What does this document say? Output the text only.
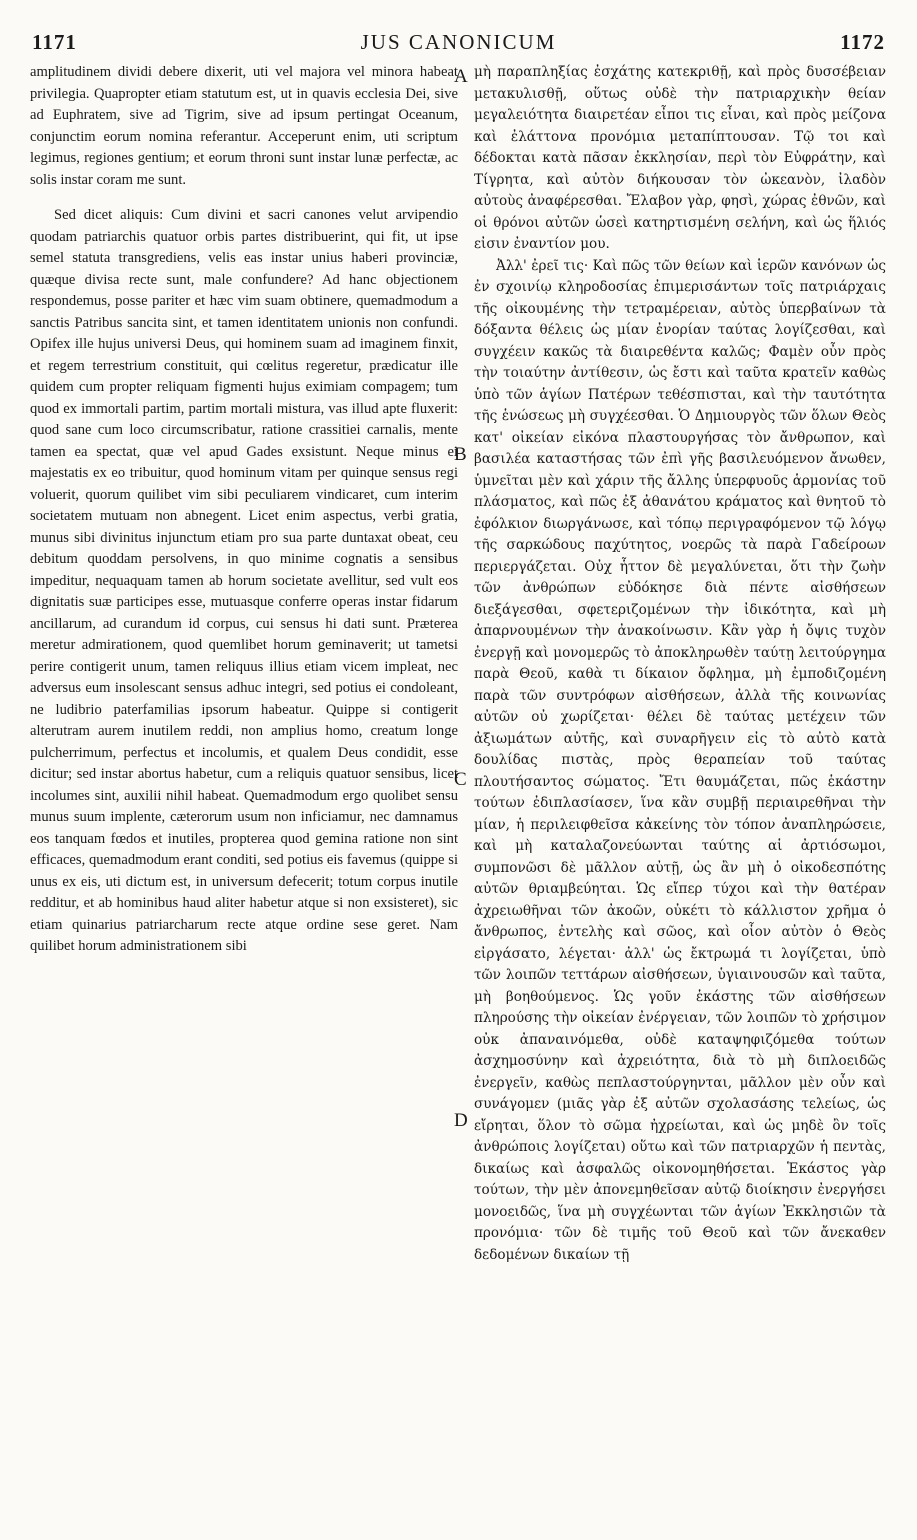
1171	JUS CANONICUM	1172

amplitudinem dividi debere dixerit, uti vel majora vel minora habeat privilegia. Quapropter etiam statutum est, ut in quavis ecclesia Dei, sive ad Euphratem, sive ad Tigrim, sive ad ipsum pertingat Oceanum, conjunctim eorum nomina referantur. Acceperunt enim, uti scriptum legimus, regiones gentium; et eorum throni sunt instar lunæ perfectæ, ac solis instar coram me sunt.

Sed dicet aliquis: Cum divini et sacri canones velut arvipendio quodam patriarchis quatuor orbis partes distribuerint, qui fit, ut ipse semel statuta transgrediens, velis eas instar unius haberi provinciæ, quæque divisa recte sunt, male confundere? Ad hanc objectionem respondemus, posse pariter et hæc vim suam obtinere, quemadmodum a sanctis Patribus sancita sint, et tamen identitatem unionis non confundi. Opifex ille hujus universi Deus, qui hominem suam ad imaginem finxit, et regem terrestrium constituit, qui cœlitus regeretur, prædicatur ille quidem cum propter reliquam figmenti hujus eximiam compagem; tum quod ex immortali partim, partim mortali mistura, vas illud apte fluxerit: quod sane cum loco circumscribatur, ratione crassitiei carnalis, mente tamen ea spectat, quæ vel apud Gades exsistunt. Neque minus ei majestatis ex eo tribuitur, quod hominum vitam per quinque sensus regi voluerit, quorum quilibet vim sibi peculiarem vindicaret, cum interim societatem mutuam non abnegent. Licet enim aspectus, verbi gratia, munus sibi divinitus injunctum etiam pro sua parte duntaxat obeat, ceu debitum quoddam persolvens, in quo minime cognatis a sensibus impeditur, nequaquam tamen ab horum societate avellitur, sed vult eos dignitatis suæ participes esse, mutuasque conferre operas instar fidarum ancillarum, ad curandum id corpus, cui sensus hi dati sunt. Præterea meretur admirationem, quod quemlibet horum geminaverit; ut tametsi perire contigerit unum, tamen reliquus illius etiam vicem impleat, nec adversus eum insolescant sensus adhuc integri, sed potius ei condoleant, ne ludibrio paterfamilias ipsorum habeatur. Quippe si contigerit alterutram aurem inutilem reddi, non amplius homo, creatum longe pulcherrimum, perfectus et incolumis, et qualem Deus condidit, esse dicitur; sed instar abortus habetur, cum a reliquis quatuor sensibus, licet incolumes sint, auxilii nihil habeat. Quemadmodum ergo quolibet sensu munus suum implente, cæterorum usum non inficiamur, nec damnamus eos tanquam fœdos et inutiles, propterea quod gemina ratione non sint efficaces, quemadmodum erant conditi, sed potius eis favemus (quippe si unus ex eis, uti dictum est, in universum defecerit; totum corpus inutile redditur, et ab hominibus haud aliter habetur atque si non exsisteret), sic etiam quinarius patriarcharum recte atque ordine sese geret. Nam quilibet horum administrationem sibi

A
B
C
D

μὴ παραπληξίας ἐσχάτης κατεκριθῇ, καὶ πρὸς δυσσέβειαν μετακυλισθῇ, οὕτως οὐδὲ τὴν πατριαρχικὴν θείαν μεγαλειότητα διαιρετέαν εἶποι τις εἶναι, καὶ πρὸς μείζονα καὶ ἐλάττονα προνόμια μεταπίπτουσαν. Τῷ τοι καὶ δέδοκται κατὰ πᾶσαν ἐκκλησίαν, περὶ τὸν Εὐφράτην, καὶ Τίγρητα, καὶ αὐτὸν διήκουσαν τὸν ὠκεανὸν, ἰλαδὸν αὐτοὺς ἀναφέρεσθαι. Ἔλαβον γὰρ, φησὶ, χώρας ἐθνῶν, καὶ οἱ θρόνοι αὐτῶν ὡσεὶ κατηρτισμένη σελήνη, καὶ ὡς ἥλιός εἰσιν ἐναντίον μου.

Ἀλλ' ἐρεῖ τις· Καὶ πῶς τῶν θείων καὶ ἱερῶν κανόνων ὡς ἐν σχοινίῳ κληροδοσίας ἐπιμερισάντων τοῖς πατριάρχαις τῆς οἰκουμένης τὴν τετραμέρειαν, αὐτὸς ὑπερβαίνων τὰ δόξαντα θέλεις ὡς μίαν ἐνορίαν ταύτας λογίζεσθαι, καὶ συγχέειν κακῶς τὰ διαιρεθέντα καλῶς; Φαμὲν οὖν πρὸς τὴν τοιαύτην ἀντίθεσιν, ὡς ἔστι καὶ ταῦτα κρατεῖν καθὼς ὑπὸ τῶν ἁγίων Πατέρων τεθέσπισται, καὶ τὴν ταυτότητα τῆς ἑνώσεως μὴ συγχέεσθαι. Ὁ Δημιουργὸς τῶν ὅλων Θεὸς κατ' οἰκείαν εἰκόνα πλαστουργήσας τὸν ἄνθρωπον, καὶ βασιλέα καταστήσας τῶν ἐπὶ γῆς βασιλευόμενον ἄνωθεν, ὑμνεῖται μὲν καὶ χάριν τῆς ἄλλης ὑπερφυοῦς ἁρμονίας τοῦ πλάσματος, καὶ πῶς ἐξ ἀθανάτου κράματος καὶ θνητοῦ τὸ ἐφόλκιον διωργάνωσε, καὶ τόπῳ περιγραφόμενον τῷ λόγῳ τῆς σαρκώδους παχύτητος, νοερῶς τὰ παρὰ Γαδείροων περιεργάζεται. Οὐχ ἧττον δὲ μεγαλύνεται, ὅτι τὴν ζωὴν τῶν ἀνθρώπων εὐδόκησε διὰ πέντε αἰσθήσεων διεξάγεσθαι, σφετεριζομένων τὴν ἰδικότητα, καὶ μὴ ἀπαρνουμένων τὴν ἀνακοίνωσιν. Κἂν γὰρ ἡ ὄψις τυχὸν ἐνεργῇ καὶ μονομερῶς τὸ ἀποκληρωθὲν ταύτῃ λειτούργημα παρὰ Θεοῦ, καθὰ τι δίκαιον ὄφλημα, μὴ ἐμποδιζομένη παρὰ τῶν συντρόφων αἰσθήσεων, ἀλλὰ τῆς κοινωνίας αὐτῶν οὐ χωρίζεται· θέλει δὲ ταύτας μετέχειν τῶν ἀξιωμάτων αὐτῆς, καὶ συναρῆγειν εἰς τὸ αὐτὸ κατὰ δουλίδας πιστὰς, πρὸς θεραπείαν τοῦ ταύτας πλουτήσαντος σώματος. Ἔτι θαυμάζεται, πῶς ἑκάστην τούτων ἐδιπλασίασεν, ἵνα κἂν συμβῇ περιαιρεθῆναι τὴν μίαν, ἡ περιλειφθεῖσα κἀκείνης τὸν τόπον ἀναπληρώσειε, καὶ μὴ καταλαζονεύωνται ταύτης αἱ ἀρτιόσωμοι, συμπονῶσι δὲ μᾶλλον αὐτῇ, ὡς ἂν μὴ ὁ οἰκοδεσπότης αὐτῶν θριαμβεύηται. Ὡς εἴπερ τύχοι καὶ τὴν θατέραν ἀχρειωθῆναι τῶν ἀκοῶν, οὐκέτι τὸ κάλλιστον χρῆμα ὁ ἄνθρωπος, ἐντελὴς καὶ σῶος, καὶ οἷον αὐτὸν ὁ Θεὸς εἰργάσατο, λέγεται· ἀλλ' ὡς ἔκτρωμά τι λογίζεται, ὑπὸ τῶν λοιπῶν τεττάρων αἰσθήσεων, ὑγιαινουσῶν καὶ ταῦτα, μὴ βοηθούμενος. Ὡς γοῦν ἑκάστης τῶν αἰσθήσεων πληρούσης τὴν οἰκείαν ἐνέργειαν, τῶν λοιπῶν τὸ χρήσιμον οὐκ ἀπαναινόμεθα, οὐδὲ καταψηφιζόμεθα τούτων ἀσχημοσύνην καὶ ἀχρειότητα, διὰ τὸ μὴ διπλοειδῶς ἐνεργεῖν, καθὼς πεπλαστούργηνται, μᾶλλον μὲν οὖν καὶ συνάγομεν (μιᾶς γὰρ ἐξ αὐτῶν σχολασάσης τελείως, ὡς εἴρηται, ὅλον τὸ σῶμα ἠχρείωται, καὶ ὡς μηδὲ ὂν τοῖς ἀνθρώποις λογίζεται) οὕτω καὶ τῶν πατριαρχῶν ἡ πεντὰς, δικαίως καὶ ἀσφαλῶς οἰκονομηθήσεται. Ἑκάστος γὰρ τούτων, τὴν μὲν ἀπονεμηθεῖσαν αὐτῷ διοίκησιν ἐνεργήσει μονοειδῶς, ἵνα μὴ συγχέωνται τῶν ἁγίων Ἐκκλησιῶν τὰ προνόμια· τῶν δὲ τιμῆς τοῦ Θεοῦ καὶ τῶν ἄνεκαθεν δεδομένων δικαίων τῇ
